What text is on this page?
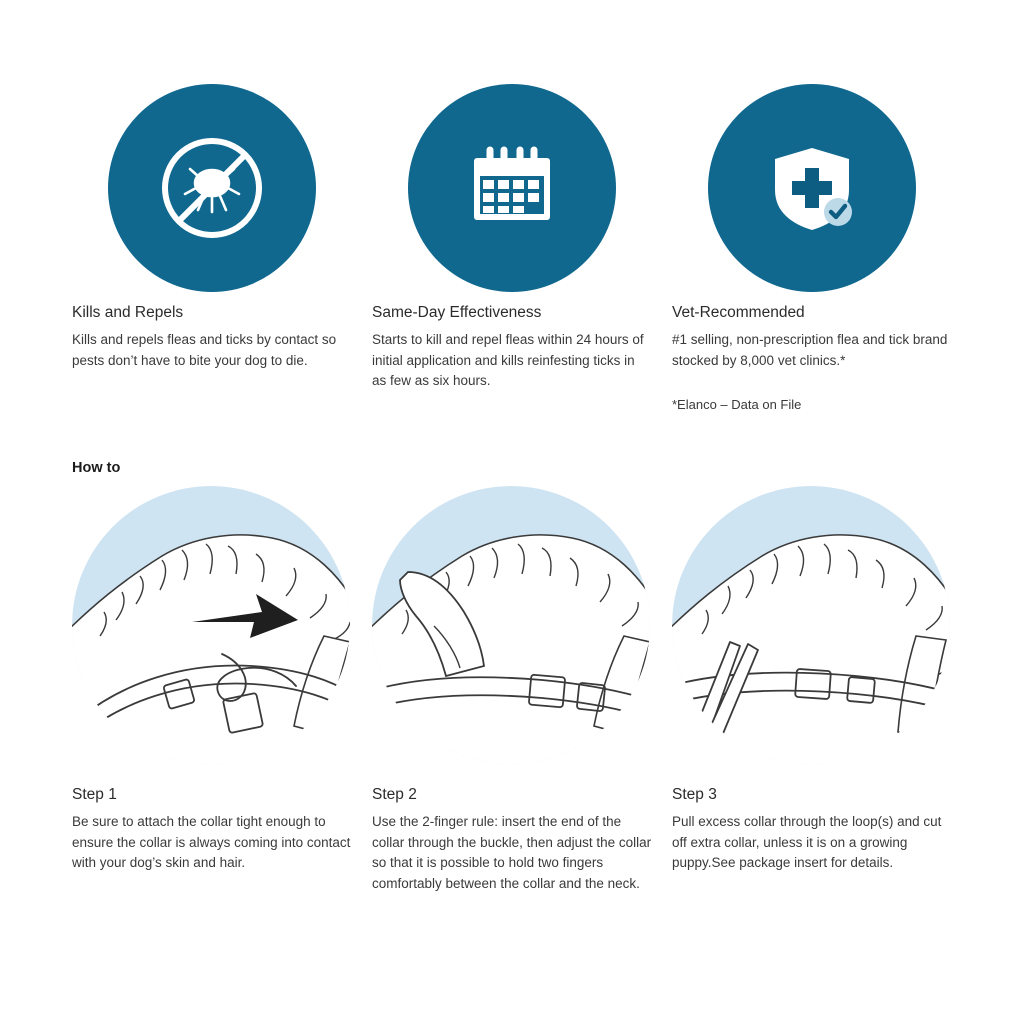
Kills and Repels

Kills and repels fleas and ticks by contact so pests don’t have to bite your dog to die.

Same-Day Effectiveness

Starts to kill and repel fleas within 24 hours of initial application and kills reinfesting ticks in as few as six hours.

Vet-Recommended

#1 selling, non-prescription flea and tick brand stocked by 8,000 vet clinics.*

*Elanco – Data on File

How to

Step 1

Be sure to attach the collar tight enough to ensure the collar is always coming into contact with your dog’s skin and hair.

Step 2

Use the 2-finger rule: insert the end of the collar through the buckle, then adjust the collar so that it is possible to hold two fingers comfortably between the collar and the neck.

Step 3

Pull excess collar through the loop(s) and cut off extra collar, unless it is on a growing puppy.See package insert for details.
